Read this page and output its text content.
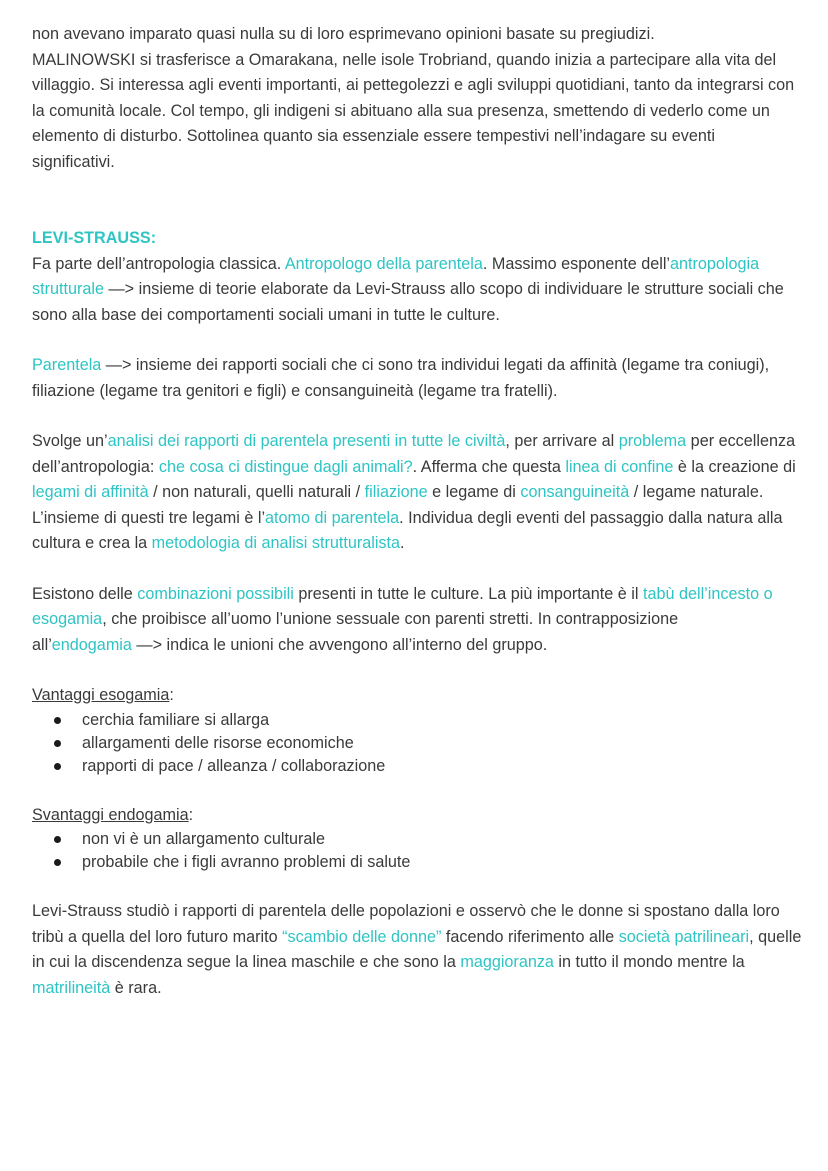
non avevano imparato quasi nulla su di loro esprimevano opinioni basate su pregiudizi.

MALINOWSKI si trasferisce a Omarakana, nelle isole Trobriand, quando inizia a partecipare alla vita del villaggio. Si interessa agli eventi importanti, ai pettegolezzi e agli sviluppi quotidiani, tanto da integrarsi con la comunità locale. Col tempo, gli indigeni si abituano alla sua presenza, smettendo di vederlo come un elemento di disturbo. Sottolinea quanto sia essenziale essere tempestivi nell’indagare su eventi significativi.

LEVI-STRAUSS:

Fa parte dell’antropologia classica. Antropologo della parentela. Massimo esponente dell’antropologia strutturale —> insieme di teorie elaborate da Levi-Strauss allo scopo di individuare le strutture sociali che sono alla base dei comportamenti sociali umani in tutte le culture.

Parentela —> insieme dei rapporti sociali che ci sono tra individui legati da affinità (legame tra coniugi), filiazione (legame tra genitori e figli) e consanguineità (legame tra fratelli).

Svolge un’analisi dei rapporti di parentela presenti in tutte le civiltà, per arrivare al problema per eccellenza dell’antropologia: che cosa ci distingue dagli animali?. Afferma che questa linea di confine è la creazione di legami di affinità / non naturali, quelli naturali / filiazione e legame di consanguineità / legame naturale. L’insieme di questi tre legami è l’atomo di parentela. Individua degli eventi del passaggio dalla natura alla cultura e crea la metodologia di analisi strutturalista.

Esistono delle combinazioni possibili presenti in tutte le culture. La più importante è il tabù dell’incesto o esogamia, che proibisce all’uomo l’unione sessuale con parenti stretti. In contrapposizione

all’endogamia —> indica le unioni che avvengono all’interno del gruppo.

Vantaggi esogamia:

cerchia familiare si allarga
allargamenti delle risorse economiche
rapporti di pace / alleanza / collaborazione

Svantaggi endogamia:

non vi è un allargamento culturale
probabile che i figli avranno problemi di salute

Levi-Strauss studiò i rapporti di parentela delle popolazioni e osservò che le donne si spostano dalla loro tribù a quella del loro futuro marito “scambio delle donne” facendo riferimento alle società patrilineari, quelle in cui la discendenza segue la linea maschile e che sono la maggioranza in tutto il mondo mentre la matrilineità è rara.
